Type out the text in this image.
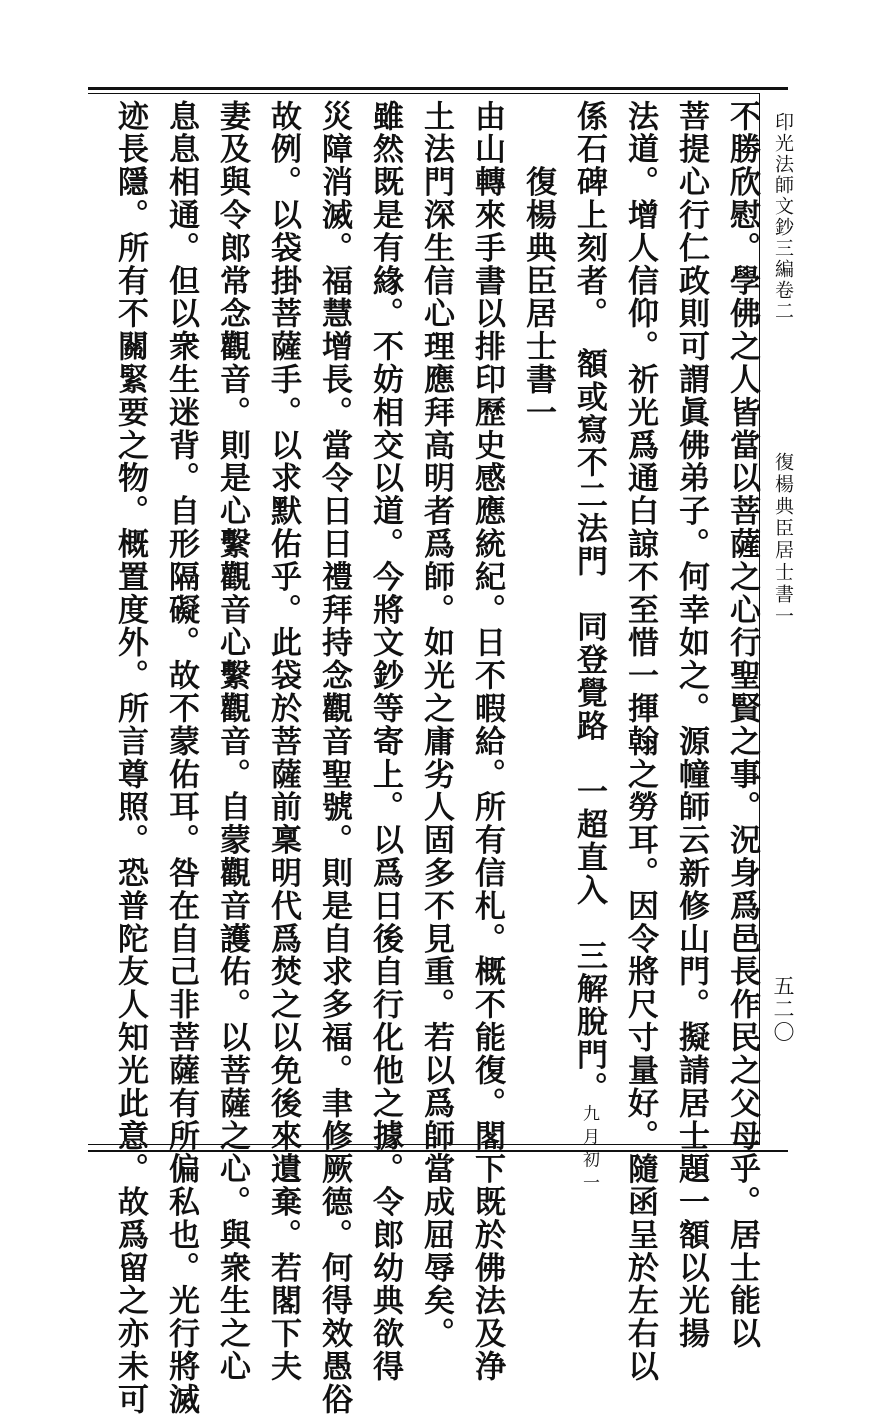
印光法師文鈔三編卷二
復楊典臣居士書一
五二〇
不勝欣慰。學佛之人皆當以菩薩之心行聖賢之事。況身爲邑長作民之父母乎。居士能以
菩提心行仁政則可謂眞佛弟子。何幸如之。源幢師云新修山門。擬請居士題一額以光揚
法道。增人信仰。祈光爲通白諒不至惜一揮翰之勞耳。因令將尺寸量好。隨函呈於左右以
係石碑上刻者。　額或寫不二法門　同登覺路　一超直入　三解脫門。九月初一
　　復楊典臣居士書一
由山轉來手書以排印歷史感應統紀。日不暇給。所有信札。概不能復。閣下既於佛法及浄
土法門深生信心理應拜高明者爲師。如光之庸劣人固多不見重。若以爲師當成屈辱矣。
雖然既是有緣。不妨相交以道。今將文鈔等寄上。以爲日後自行化他之據。令郎幼典欲得
災障消滅。福慧增長。當令日日禮拜持念觀音聖號。則是自求多福。聿修厥德。何得效愚俗
故例。以袋掛菩薩手。以求默佑乎。此袋於菩薩前稟明代爲焚之以免後來遺棄。若閣下夫
妻及與令郎常念觀音。則是心繫觀音心繫觀音。自蒙觀音護佑。以菩薩之心。與衆生之心
息息相通。但以衆生迷背。自形隔礙。故不蒙佑耳。咎在自己非菩薩有所偏私也。光行將滅
迹長隱。所有不關緊要之物。概置度外。所言尊照。恐普陀友人知光此意。故爲留之亦未可
